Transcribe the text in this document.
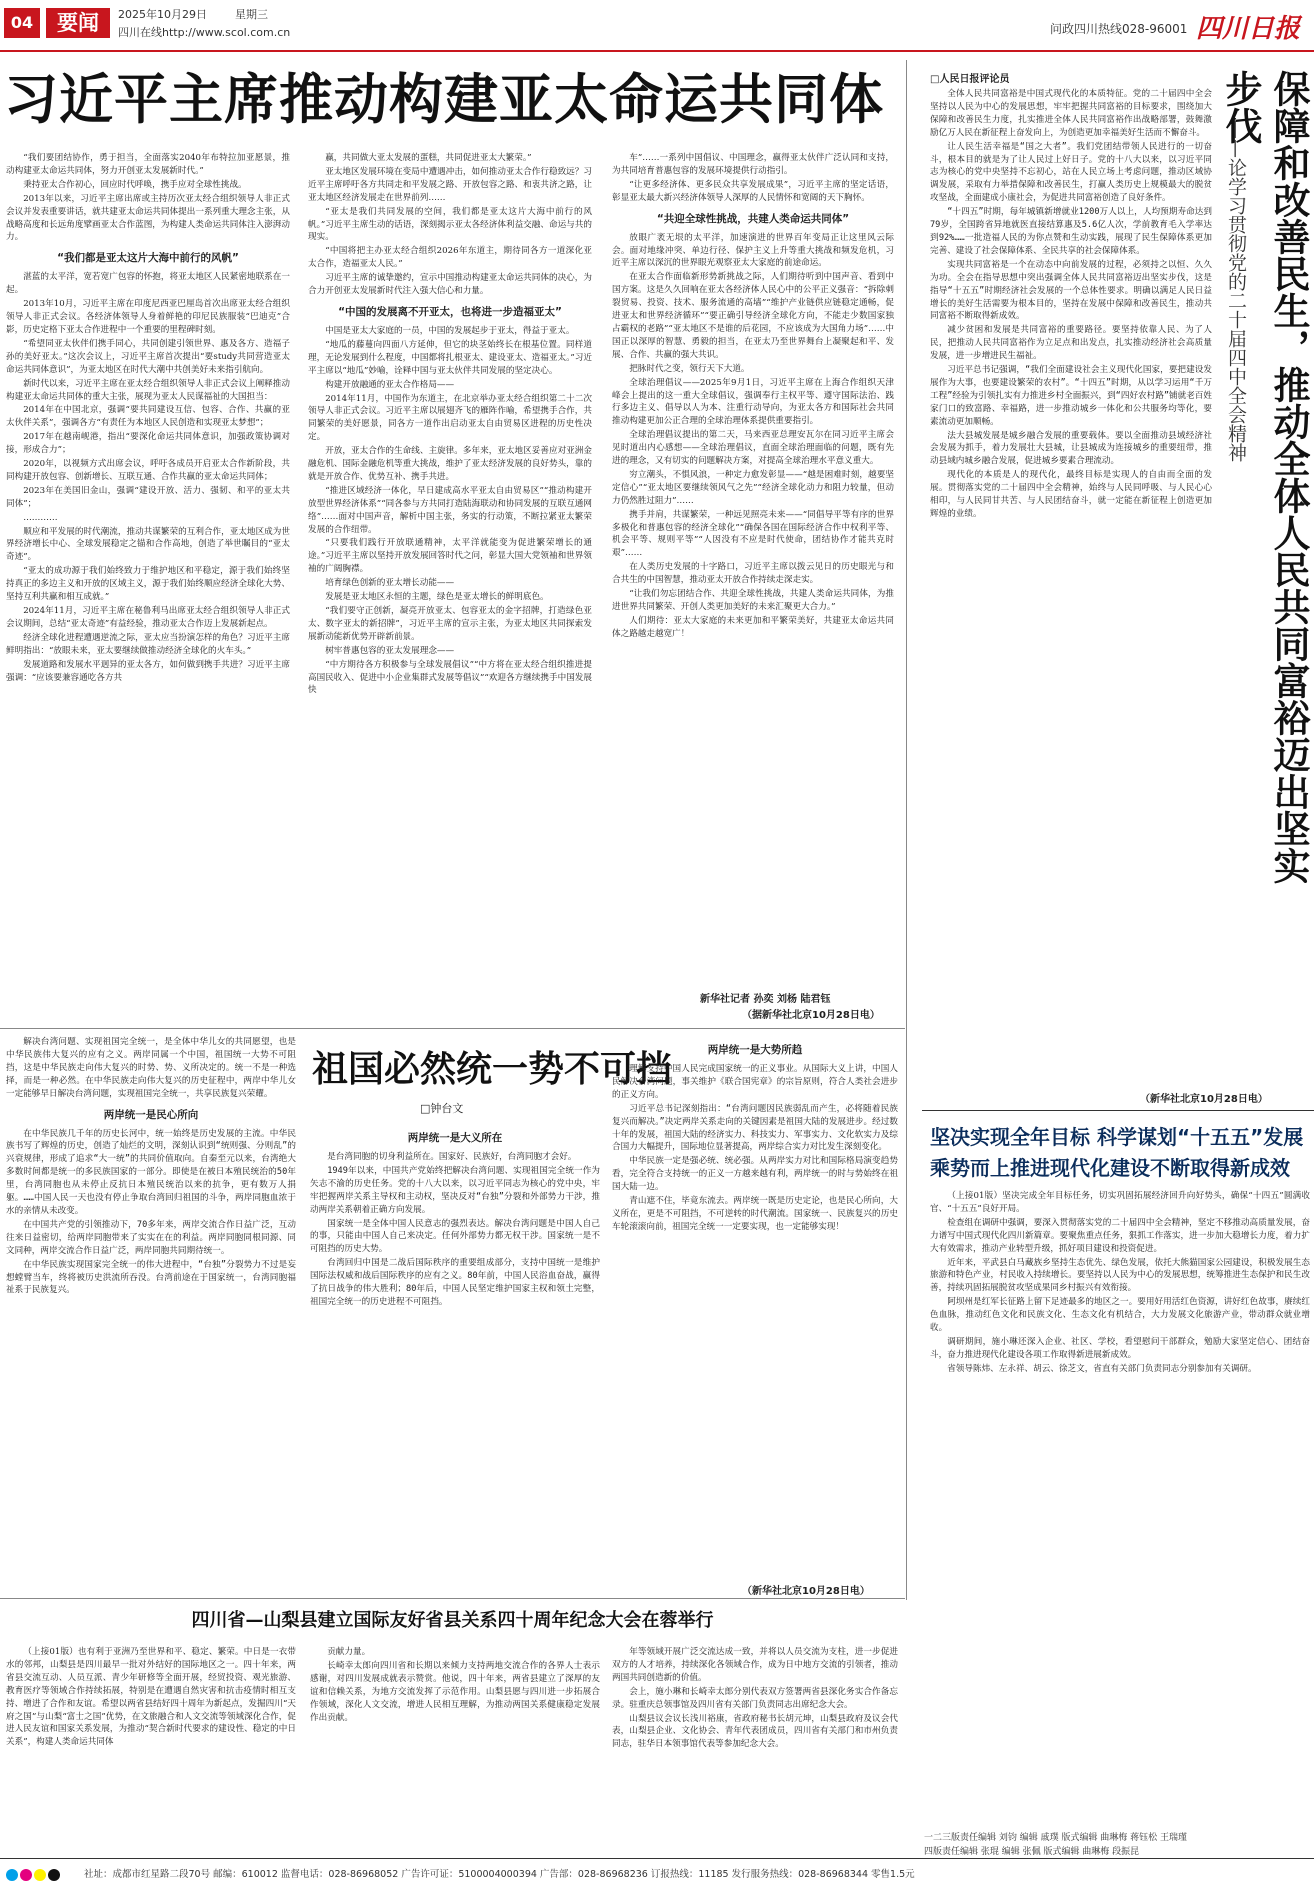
04	要闻	2025年10月29日	星期三
四川在线http://www.scol.com.cn	问政四川热线028-96001 四川日报
习近平主席推动构建亚太命运共同体

“我们要团结协作，勇于担当，全面落实2040年布特拉加亚愿景，推动构建亚太命运共同体，努力开创亚太发展新时代。”

秉持亚太合作初心，回应时代呼唤，携手应对全球性挑战。

2013年以来，习近平主席出席或主持历次亚太经合组织领导人非正式会议并发表重要讲话，就共建亚太命运共同体提出一系列重大理念主张，从战略高度和长远角度擘画亚太合作蓝图，为构建人类命运共同体注入澎湃动力。

“我们都是亚太这片大海中前行的风帆”

湛蓝的太平洋，宽若宽广包容的怀抱，将亚太地区人民紧密地联系在一起。

2013年10月，习近平主席在印度尼西亚巴厘岛首次出席亚太经合组织领导人非正式会议。各经济体领导人身着鲜艳的印尼民族服装“巴迪克”合影，历史定格下亚太合作进程中一个重要的里程碑时刻。

“希望同亚太伙伴们携手同心，共同创建引领世界、惠及各方、造福子孙的美好亚太。”这次会议上，习近平主席首次提出“要study共同营造亚太命运共同体意识”，为亚太地区在时代大潮中共创美好未来指引航向。

新时代以来，习近平主席在亚太经合组织领导人非正式会议上阐释推动构建亚太命运共同体的重大主张，展现为亚太人民谋福祉的大国担当：

2014年在中国北京，强调“要共同建设互信、包容、合作、共赢的亚太伙伴关系”，强调各方“有责任为本地区人民创造和实现亚太梦想”；

2017年在越南岘港，指出“要深化命运共同体意识，加强政策协调对接，形成合力”；

2020年，以视频方式出席会议，呼吁各成员开启亚太合作新阶段，共同构建开放包容、创新增长、互联互通、合作共赢的亚太命运共同体；

2023年在美国旧金山，强调“建设开放、活力、强韧、和平的亚太共同体”；

…………

顺应和平发展的时代潮流，推动共谋繁荣的互利合作，亚太地区成为世界经济增长中心、全球发展稳定之锚和合作高地，创造了举世瞩目的“亚太奇迹”。

“亚太的成功源于我们始终致力于维护地区和平稳定，源于我们始终坚持真正的多边主义和开放的区域主义，源于我们始终顺应经济全球化大势、坚持互利共赢和相互成就。”

2024年11月，习近平主席在秘鲁利马出席亚太经合组织领导人非正式会议期间，总结“亚太奇迹”有益经验，推动亚太合作迈上发展新起点。

经济全球化进程遭遇逆流之际，亚太应当扮演怎样的角色？习近平主席鲜明指出：“放眼未来，亚太要继续做推动经济全球化的火车头。”

发展道路和发展水平迥异的亚太各方，如何做到携手共进？习近平主席强调：“应该要兼容通吃各方共

赢，共同做大亚太发展的蛋糕，共同促进亚太大繁荣。”

亚太地区发展环境在变局中遭遇冲击，如何推动亚太合作行稳致远？习近平主席呼吁各方共同走和平发展之路、开放包容之路、和衷共济之路，让亚太地区经济发展走在世界前列……

“亚太是我们共同发展的空间，我们都是亚太这片大海中前行的风帆。”习近平主席生动的话语，深刻揭示亚太各经济体利益交融、命运与共的现实。

“中国将把主办亚太经合组织2026年东道主，期待同各方一道深化亚太合作，造福亚太人民。”

习近平主席的诚挚邀约，宣示中国推动构建亚太命运共同体的决心，为合力开创亚太发展新时代注入强大信心和力量。

“中国的发展离不开亚太，也将进一步造福亚太”

中国是亚太大家庭的一员，中国的发展起步于亚太，得益于亚太。

“地瓜的藤蔓向四面八方延伸，但它的块茎始终长在根基位置。同样道理，无论发展到什么程度，中国都将扎根亚太、建设亚太、造福亚太。”习近平主席以“地瓜”妙喻，诠释中国与亚太伙伴共同发展的坚定决心。

构建开放融通的亚太合作格局——

2014年11月，中国作为东道主，在北京举办亚太经合组织第二十二次领导人非正式会议。习近平主席以展翅齐飞的雁阵作喻，希望携手合作，共同繁荣的美好愿景，同各方一道作出启动亚太自由贸易区进程的历史性决定。

开放，亚太合作的生命线、主旋律。多年来，亚太地区妥善应对亚洲金融危机、国际金融危机等重大挑战，维护了亚太经济发展的良好势头，靠的就是开放合作、优势互补、携手共进。

“推进区域经济一体化，早日建成高水平亚太自由贸易区”“推动构建开放型世界经济体系”“同各参与方共同打造陆海联动和协同发展的互联互通网络”……面对中国声音，解析中国主张，务实的行动策，不断拉紧亚太繁荣发展的合作纽带。

“只要我们践行开放联通精神，太平洋就能变为促进繁荣增长的通途。”习近平主席以坚持开放发展回答时代之问，彰显大国大党领袖和世界领袖的广阔胸襟。

培育绿色创新的亚太增长动能——

发展是亚太地区永恒的主题，绿色是亚太增长的鲜明底色。

“我们要守正创新，凝亮开放亚太、包容亚太的金字招牌，打造绿色亚太、数字亚太的新招牌”，习近平主席的宣示主张，为亚太地区共同探索发展新动能新优势开辟新前景。

树牢普惠包容的亚太发展理念——

“中方期待各方积极参与全球发展倡议”“中方将在亚太经合组织推进提高国民收入、促进中小企业集群式发展等倡议”“欢迎各方继续携手中国发展快

车”……一系列中国倡议、中国理念，赢得亚太伙伴广泛认同和支持，为共同培育普惠包容的发展环境提供行动指引。

“让更多经济体、更多民众共享发展成果”，习近平主席的坚定话语，彰显亚太最大新兴经济体领导人深厚的人民情怀和宽阔的天下胸怀。

“共迎全球性挑战，共建人类命运共同体”

放眼广袤无垠的太平洋，加速演进的世界百年变局正让这里风云际会。面对地缘冲突、单边行径、保护主义上升等重大挑战和频发危机，习近平主席以深沉的世界眼光观察亚太大家庭的前途命运。

在亚太合作面临新形势新挑战之际，人们期待听到中国声音、看到中国方案。这是久久回响在亚太各经济体人民心中的公平正义强音：“拆除刺裂贸易、投资、技术、服务流通的高墙”“维护产业链供应链稳定通畅，促进亚太和世界经济循环”“要正确引导经济全球化方向，不能走少数国家独占霸权的老路”“亚太地区不是谁的后花园，不应该成为大国角力场”……中国正以深厚的智慧、勇毅的担当，在亚太乃至世界舞台上凝聚起和平、发展、合作、共赢的强大共识。

把脉时代之变，领行天下大道。

全球治理倡议——2025年9月1日，习近平主席在上海合作组织天津峰会上提出的这一重大全球倡议，强调奉行主权平等、遵守国际法治、践行多边主义、倡导以人为本、注重行动导向，为亚太各方和国际社会共同推动构建更加公正合理的全球治理体系提供重要指引。

全球治理倡议提出的第二天，马来西亚总理安瓦尔在同习近平主席会见时道出内心感想——全球治理倡议，直面全球治理面临的问题，既有先进的理念，又有切实的问题解决方案，对提高全球治理水平意义重大。

穷立潮头，不惧风浪，一种定力愈发彰显——“越是困难时刻，越要坚定信心”“亚太地区要继续领风气之先”“经济全球化动力和阻力较量，但动力仍然胜过阻力”……

携手并肩，共谋繁荣，一种远见照亮未来——“同倡导平等有序的世界多极化和普惠包容的经济全球化”“确保各国在国际经济合作中权利平等、机会平等、规则平等”“人因没有不应是时代使命，团结协作才能共克时艰”……

在人类历史发展的十字路口，习近平主席以拨云见日的历史眼光与和合共生的中国智慧，推动亚太开放合作持续走深走实。

“让我们勿忘团结合作、共迎全球性挑战，共建人类命运共同体，为推进世界共同繁荣、开创人类更加美好的未来汇聚更大合力。”

人们期待：亚太大家庭的未来更加和平繁荣美好，共建亚太命运共同体之路越走越宽广！

新华社记者 孙奕 刘杨 陆君钰
（据新华社北京10月28日电）
□人民日报评论员

全体人民共同富裕是中国式现代化的本质特征。党的二十届四中全会坚持以人民为中心的发展思想，牢牢把握共同富裕的目标要求，围绕加大保障和改善民生力度，扎实推进全体人民共同富裕作出战略部署，鼓舞激励亿万人民在新征程上奋发向上，为创造更加幸福美好生活而不懈奋斗。

让人民生活幸福是“国之大者”。我们党团结带领人民进行的一切奋斗，根本目的就是为了让人民过上好日子。党的十八大以来，以习近平同志为核心的党中央坚持不忘初心，站在人民立场上考虑问题，推动区域协调发展，采取有力举措保障和改善民生，打赢人类历史上规模最大的脱贫攻坚战，全面建成小康社会，为促进共同富裕创造了良好条件。

“十四五”时期，每年城镇新增就业1200万人以上，人均预期寿命达到79岁，全国跨省异地就医直接结算惠及5.6亿人次，学前教育毛入学率达到92%……一批造福人民的为你点赞和生动实践，展现了民生保障体系更加完善、建设了社会保障体系、全民共享的社会保障体系。

实现共同富裕是一个在动态中向前发展的过程，必须持之以恒、久久为功。全会在指导思想中突出强调全体人民共同富裕迈出坚实步伐，这是指导“十五五”时期经济社会发展的一个总体性要求。明确以满足人民日益增长的美好生活需要为根本目的，坚持在发展中保障和改善民生，推动共同富裕不断取得新成效。

减少贫困和发展是共同富裕的重要路径。要坚持依靠人民、为了人民，把推动人民共同富裕作为立足点和出发点，扎实推动经济社会高质量发展，进一步增进民生福祉。

习近平总书记强调，“我们全面建设社会主义现代化国家，要把建设发展作为大事，也要建设繁荣的农村”。“十四五”时期，从以学习运用“千万工程”经验为引领扎实有力推进乡村全面振兴，到“四好农村路”铺就老百姓家门口的致富路、幸福路，进一步推动城乡一体化和公共服务均等化，要素流动更加顺畅。

法大县城发展是城乡融合发展的重要载体。要以全面推动县域经济社会发展为抓手，着力发展壮大县城，让县城成为连接城乡的重要纽带，推动县域内城乡融合发展，促进城乡要素合理流动。

现代化的本质是人的现代化，最终目标是实现人的自由而全面的发展。贯彻落实党的二十届四中全会精神，始终与人民同呼吸、与人民心心相印，与人民同甘共苦、与人民团结奋斗，就一定能在新征程上创造更加辉煌的业绩。	保障和改善民生，推动全体人民共同富裕迈出坚实步伐
——论学习贯彻党的二十届四中全会精神
（新华社北京10月28日电）
坚决实现全年目标 科学谋划“十五五”发展 乘势而上推进现代化建设不断取得新成效

（上接01版）坚决完成全年目标任务，切实巩固拓展经济回升向好势头，确保“十四五”圆满收官、“十五五”良好开局。

检查组在调研中强调，要深入贯彻落实党的二十届四中全会精神，坚定不移推动高质量发展，奋力谱写中国式现代化四川新篇章。要聚焦重点任务，狠抓工作落实，进一步加大稳增长力度，着力扩大有效需求，推动产业转型升级，抓好项目建设和投资促进。

近年来，平武县白马藏族乡坚持生态优先、绿色发展，依托大熊猫国家公园建设，积极发展生态旅游和特色产业，村民收入持续增长。要坚持以人民为中心的发展思想，统筹推进生态保护和民生改善，持续巩固拓展脱贫攻坚成果同乡村振兴有效衔接。

阿坝州是红军长征路上留下足迹最多的地区之一。要用好用活红色资源，讲好红色故事，赓续红色血脉，推动红色文化和民族文化、生态文化有机结合，大力发展文化旅游产业，带动群众就业增收。

调研期间，施小琳还深入企业、社区、学校，看望慰问干部群众，勉励大家坚定信心、团结奋斗，奋力推进现代化建设各项工作取得新进展新成效。

省领导陈炜、左永祥、胡云、徐芝文，省直有关部门负责同志分别参加有关调研。

祖国必然统一势不可挡
□钟台文

解决台湾问题、实现祖国完全统一，是全体中华儿女的共同愿望，也是中华民族伟大复兴的应有之义。两岸同属一个中国，祖国统一大势不可阻挡，这是中华民族走向伟大复兴的时势、势、义所决定的。统一不是一种选择，而是一种必然。在中华民族走向伟大复兴的历史征程中，两岸中华儿女一定能够早日解决台湾问题，实现祖国完全统一，共享民族复兴荣耀。

两岸统一是民心所向

在中华民族几千年的历史长河中，统一始终是历史发展的主流。中华民族书写了辉煌的历史，创造了灿烂的文明，深刻认识到“统则强、分则乱”的兴衰规律，形成了追求“大一统”的共同价值取向。自秦至元以来，台湾绝大多数时间都是统一的多民族国家的一部分。即使是在被日本殖民统治的50年里，台湾同胞也从未停止反抗日本殖民统治以来的抗争，更有数万人捐躯。……中国人民一天也没有停止争取台湾回归祖国的斗争，两岸同胞血浓于水的亲情从未改变。

在中国共产党的引领推动下，70多年来，两岸交流合作日益广泛，互动往来日益密切，给两岸同胞带来了实实在在的利益。两岸同胞同根同源、同文同种，两岸交流合作日益广泛，两岸同胞共同期待统一。

在中华民族实现国家完全统一的伟大进程中，“台独”分裂势力不过是妄想螳臂当车，终将被历史洪流所吞没。台湾前途在于国家统一，台湾同胞福祉系于民族复兴。

两岸统一是大义所在

是台湾同胞的切身利益所在。国家好、民族好，台湾同胞才会好。

1949年以来，中国共产党始终把解决台湾问题、实现祖国完全统一作为矢志不渝的历史任务。党的十八大以来，以习近平同志为核心的党中央，牢牢把握两岸关系主导权和主动权，坚决反对“台独”分裂和外部势力干涉，推动两岸关系朝着正确方向发展。

国家统一是全体中国人民意志的强烈表达。解决台湾问题是中国人自己的事，只能由中国人自己来决定。任何外部势力都无权干涉。国家统一是不可阻挡的历史大势。

台湾回归中国是二战后国际秩序的重要组成部分，支持中国统一是维护国际法权威和战后国际秩序的应有之义。80年前，中国人民浴血奋战，赢得了抗日战争的伟大胜利；80年后，中国人民坚定维护国家主权和领土完整，祖国完全统一的历史进程不可阻挡。

两岸统一是大势所趋

理解支持中国人民完成国家统一的正义事业。从国际大义上讲，中国人民解决台湾问题，事关维护《联合国宪章》的宗旨原则，符合人类社会进步的正义方向。

习近平总书记深刻指出：“台湾问题因民族弱乱而产生，必将随着民族复兴而解决。”决定两岸关系走向的关键因素是祖国大陆的发展进步。经过数十年的发展，祖国大陆的经济实力、科技实力、军事实力、文化软实力及综合国力大幅提升，国际地位显著提高，两岸综合实力对比发生深刻变化。

中华民族一定是强必统、统必强。从两岸实力对比和国际格局演变趋势看，完全符合支持统一的正义一方越来越有利，两岸统一的时与势始终在祖国大陆一边。

青山遮不住，毕竟东流去。两岸统一既是历史定论，也是民心所向，大义所在，更是不可阻挡，不可逆转的时代潮流。国家统一、民族复兴的历史车轮滚滚向前，祖国完全统一一定要实现，也一定能够实现！

（新华社北京10月28日电）
四川省—山梨县建立国际友好省县关系四十周年纪念大会在蓉举行

（上接01版）也有利于亚洲乃至世界和平、稳定、繁荣。中日是一衣带水的邻邦，山梨县是四川最早一批对外结好的国际地区之一。四十年来，两省县交流互动、人员互派、青少年研修等全面开展，经贸投资、观光旅游、教育医疗等领域合作持续拓展，特别是在遭遇自然灾害和抗击疫情时相互支持、增进了合作和友谊。希望以两省县结好四十周年为新起点，发掘四川“天府之国”与山梨“富士之国”优势，在文旅融合和人文交流等领域深化合作，促进人民友谊和国家关系发展，为推动“契合新时代要求的建设性、稳定的中日关系”，构建人类命运共同体

贡献力量。

长崎幸太郎向四川省和长期以来倾力支持两地交流合作的各界人士表示感谢，对四川发展成就表示赞赏。他说，四十年来，两省县建立了深厚的友谊和信赖关系，为地方交流发挥了示范作用。山梨县愿与四川进一步拓展合作领域，深化人文交流，增进人民相互理解，为推动两国关系健康稳定发展作出贡献。

年等领域开展广泛交流达成一致，并将以人员交流为支柱，进一步促进双方的人才培养，持续深化各领域合作，成为日中地方交流的引领者，推动两国共同创造新的价值。

会上，施小琳和长崎幸太郎分别代表双方签署两省县深化务实合作备忘录。驻重庆总领事馆及四川省有关部门负责同志出席纪念大会。

山梨县议会议长浅川裕康，省政府秘书长胡元坤，山梨县政府及议会代表，山梨县企业、文化协会、青年代表团成员，四川省有关部门和市州负责同志，驻华日本领事馆代表等参加纪念大会。

一二三版责任编辑 刘钧 编辑 戚璞 版式编辑 曲琳梅 蒋钰松 王瑞瑾
四版责任编辑 张琨 编辑 张佩 版式编辑 曲琳梅 段振昆
社址：成都市红星路二段70号 邮编：610012 监督电话：028-86968052 广告许可证：5100004000394 广告部：028-86968236 订报热线：11185 发行服务热线：028-86968344 零售1.5元
